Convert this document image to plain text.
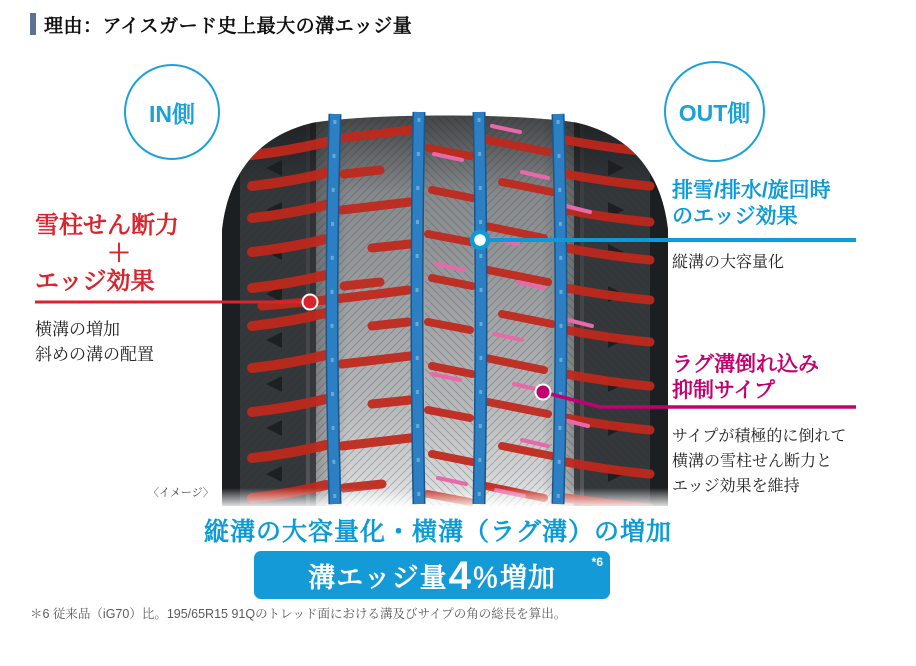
理由：アイスガード史上最大の溝エッジ量
IN側	OUT側
雪柱せん断力
＋
エッジ効果
横溝の増加
斜めの溝の配置
排雪/排水/旋回時
のエッジ効果
縦溝の大容量化
ラグ溝倒れ込み
抑制サイプ
サイプが積極的に倒れて
横溝の雪柱せん断力と
エッジ効果を維持
〈イメージ〉
縦溝の大容量化・横溝（ラグ溝）の増加
溝エッジ量 4 ％増加
*6
＊6 従来品（iG70）比。195/65R15 91Qのトレッド面における溝及びサイプの角の総長を算出。
